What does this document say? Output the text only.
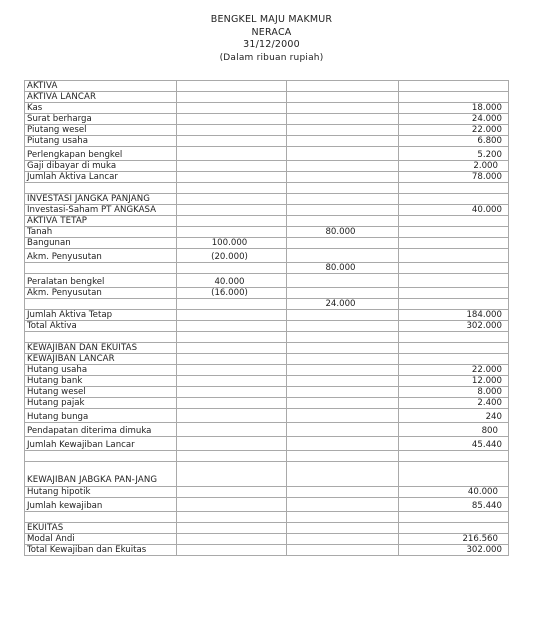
BENGKEL MAJU MAKMUR
NERACA
31/12/2000
(Dalam ribuan rupiah)
AKTIVA			
AKTIVA LANCAR			
Kas			18.000
Surat berharga			24.000
Piutang wesel			22.000
Piutang usaha			6.800
Perlengkapan bengkel			5.200
Gaji dibayar di muka			2.000
Jumlah Aktiva Lancar			78.000

INVESTASI JANGKA PANJANG			
Investasi-Saham PT ANGKASA			40.000
AKTIVA TETAP			
Tanah		80.000	
Bangunan	100.000		
Akm. Penyusutan	(20.000)		
		80.000	
Peralatan bengkel	40.000		
Akm. Penyusutan	(16.000)		
		24.000	
Jumlah Aktiva Tetap			184.000
Total Aktiva			302.000

KEWAJIBAN DAN EKUITAS			
KEWAJIBAN LANCAR			
Hutang usaha			22.000
Hutang bank			12.000
Hutang wesel			8.000
Hutang pajak			2.400
Hutang bunga			240
Pendapatan diterima dimuka			800
Jumlah Kewajiban Lancar			45.440

KEWAJIBAN JABGKA PAN-JANG			
Hutang hipotik			40.000
Jumlah kewajiban			85.440

EKUITAS			
Modal Andi			216.560
Total Kewajiban dan Ekuitas			302.000
